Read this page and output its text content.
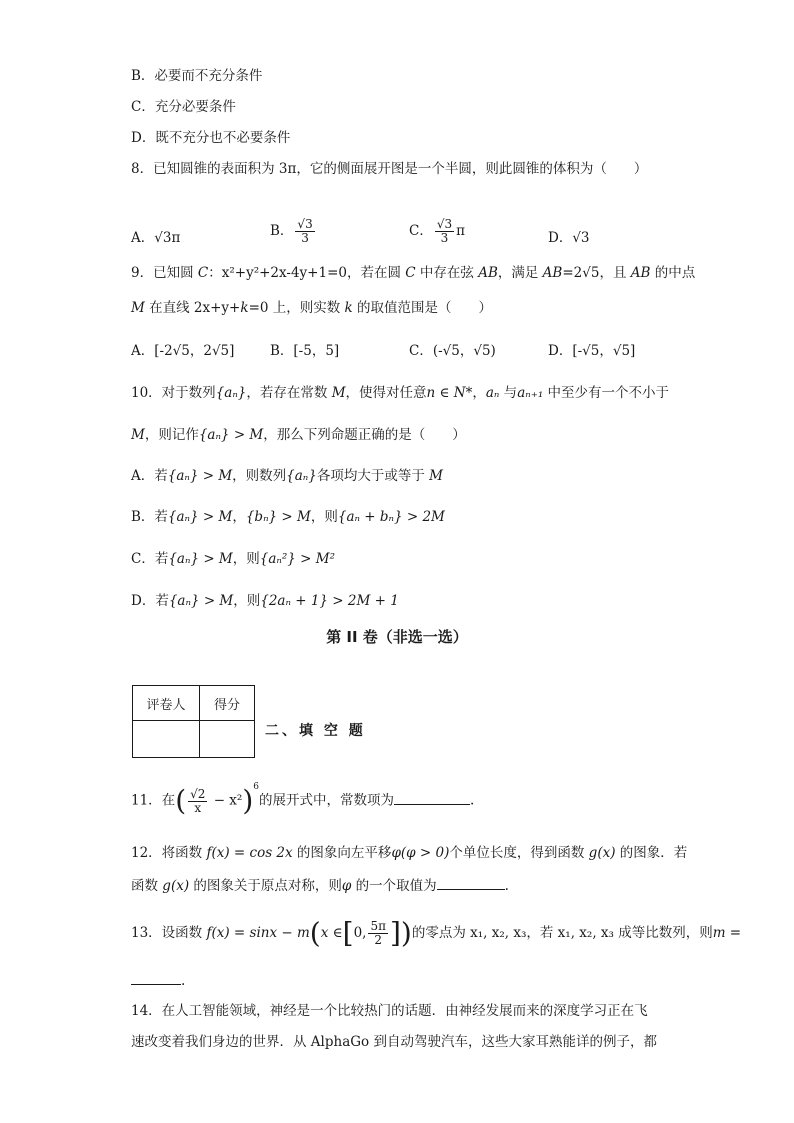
B．必要而不充分条件
C．充分必要条件
D．既不充分也不必要条件
8．已知圆锥的表面积为 3π，它的侧面展开图是一个半圆，则此圆锥的体积为（　　）
A．√3π	B． $\frac{√3}{3}$	C． $\frac{√3}{3}$ π	D．√3
9．已知圆 C：x²+y²+2x-4y+1=0，若在圆 C 中存在弦 AB，满足 AB=2√5，且 AB 的中点
M 在直线 2x+y+k=0 上，则实数 k 的取值范围是（　　）
A．[-2√5，2√5]	B．[-5，5]	C．(-√5，√5)	D．[-√5，√5]
10．对于数列{aₙ}，若存在常数 M，使得对任意n ∈ N*，aₙ 与aₙ₊₁ 中至少有一个不小于
M，则记作{aₙ} > M，那么下列命题正确的是（　　）
A．若{aₙ} > M，则数列{aₙ}各项均大于或等于 M
B．若{aₙ} > M，{bₙ} > M，则{aₙ + bₙ} > 2M
C．若{aₙ} > M，则{aₙ²} > M²
D．若{aₙ} > M，则{2aₙ + 1} > 2M + 1
第 II 卷（非选一选）
评卷人	得分

二、填 空 题
11．在( $\frac{√2}{x} - x^2)^6$的展开式中，常数项为	.
12．将函数 f(x) = cos 2x 的图象向左平移φ(φ > 0)个单位长度，得到函数 g(x) 的图象．若
函数 g(x) 的图象关于原点对称，则φ 的一个取值为	.
13．设函数 f(x) = sinx − m(x ∈[0, $\frac{5\pi}{2}$ ])的零点为 x₁, x₂, x₃，若 x₁, x₂, x₃ 成等比数列，则m =
.
14．在人工智能领域，神经是一个比较热门的话题．由神经发展而来的深度学习正在飞
速改变着我们身边的世界．从 AlphaGo 到自动驾驶汽车，这些大家耳熟能详的例子，都
